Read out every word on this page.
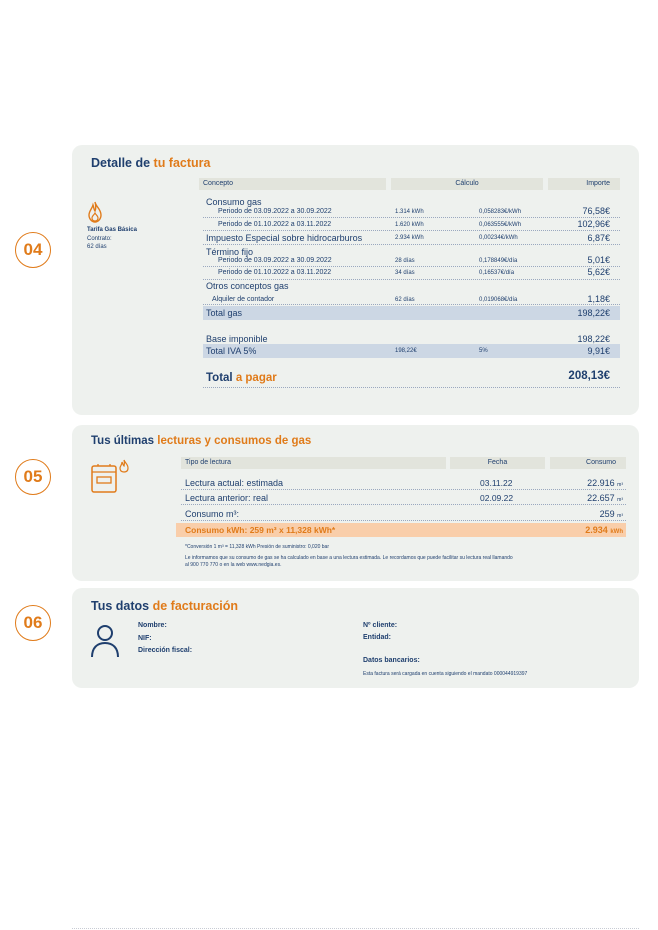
04
Detalle de tu factura
Tarifa Gas Básica
Contrato:
62 días
Concepto	Cálculo	Importe
Consumo gas
Periodo de 03.09.2022 a 30.09.2022	1.314 kWh	0,058283€/kWh	76,58€
Periodo de 01.10.2022 a 03.11.2022	1.620 kWh	0,063555€/kWh	102,96€
Impuesto Especial sobre hidrocarburos	2.934 kWh	0,00234€/kWh	6,87€
Término fijo
Periodo de 03.09.2022 a 30.09.2022	28 días	0,178849€/día	5,01€
Periodo de 01.10.2022 a 03.11.2022	34 días	0,16537€/día	5,62€
Otros conceptos gas
Alquiler de contador	62 días	0,019068€/día	1,18€
Total gas	198,22€
Base imponible	198,22€
Total IVA 5%	198,22€	5%	9,91€
Total a pagar	208,13€
05
Tus últimas lecturas y consumos de gas
Tipo de lectura	Fecha	Consumo
Lectura actual: estimada	03.11.22	22.916 m³
Lectura anterior: real	02.09.22	22.657 m³
Consumo m³:	259 m³
Consumo kWh: 259 m³ x 11,328 kWh*	2.934 kWh
*Conversión 1 m³ = 11,328 kWh Presión de suministro: 0,020 bar
Le informamos que su consumo de gas se ha calculado en base a una lectura estimada. Le recordamos que puede facilitar su lectura real llamando
al 900 770 770 o en la web www.nedgia.es.
06
Tus datos de facturación
Nombre:
NIF:
Dirección fiscal:
Nº cliente:
Entidad:
Datos bancarios:
Esta factura será cargada en cuenta siguiendo el mandato 000044919397
